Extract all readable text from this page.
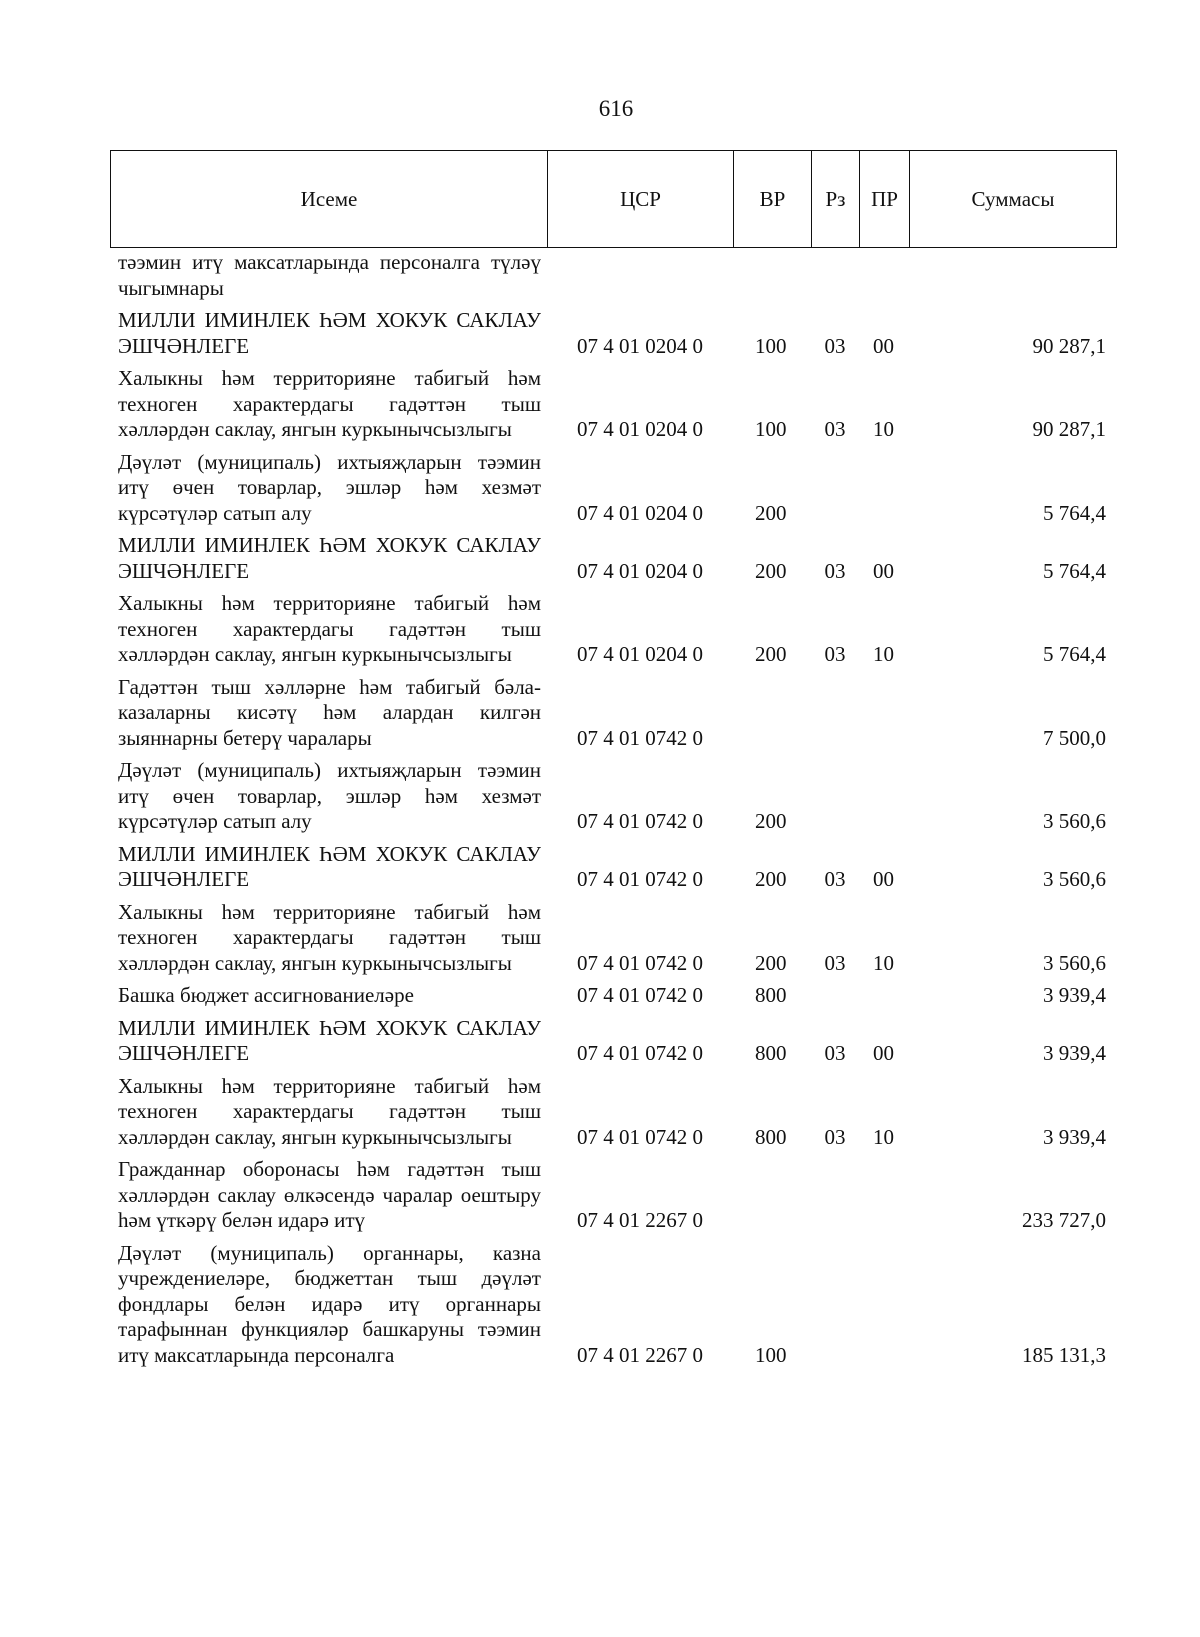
616
Исеме	ЦСР	ВР	Рз	ПР	Суммасы
тәэмин итү максатларында персоналга түләү чыгымнары					
МИЛЛИ ИМИНЛЕК ҺӘМ ХОКУК САКЛАУ ЭШЧӘНЛЕГЕ	07 4 01 0204 0	100	03	00	90 287,1
Халыкны һәм территорияне табигый һәм техноген характердагы гадәттән тыш хәлләрдән саклау, янгын куркынычсызлыгы	07 4 01 0204 0	100	03	10	90 287,1
Дәүләт (муниципаль) ихтыяҗларын тәэмин итү өчен товарлар, эшләр һәм хезмәт күрсәтүләр сатып алу	07 4 01 0204 0	200			5 764,4
МИЛЛИ ИМИНЛЕК ҺӘМ ХОКУК САКЛАУ ЭШЧӘНЛЕГЕ	07 4 01 0204 0	200	03	00	5 764,4
Халыкны һәм территорияне табигый һәм техноген характердагы гадәттән тыш хәлләрдән саклау, янгын куркынычсызлыгы	07 4 01 0204 0	200	03	10	5 764,4
Гадәттән тыш хәлләрне һәм табигый бәла-казаларны кисәтү һәм алардан килгән зыяннарны бетерү чаралары	07 4 01 0742 0				7 500,0
Дәүләт (муниципаль) ихтыяҗларын тәэмин итү өчен товарлар, эшләр һәм хезмәт күрсәтүләр сатып алу	07 4 01 0742 0	200			3 560,6
МИЛЛИ ИМИНЛЕК ҺӘМ ХОКУК САКЛАУ ЭШЧӘНЛЕГЕ	07 4 01 0742 0	200	03	00	3 560,6
Халыкны һәм территорияне табигый һәм техноген характердагы гадәттән тыш хәлләрдән саклау, янгын куркынычсызлыгы	07 4 01 0742 0	200	03	10	3 560,6
Башка бюджет ассигнованиеләре	07 4 01 0742 0	800			3 939,4
МИЛЛИ ИМИНЛЕК ҺӘМ ХОКУК САКЛАУ ЭШЧӘНЛЕГЕ	07 4 01 0742 0	800	03	00	3 939,4
Халыкны һәм территорияне табигый һәм техноген характердагы гадәттән тыш хәлләрдән саклау, янгын куркынычсызлыгы	07 4 01 0742 0	800	03	10	3 939,4
Гражданнар оборонасы һәм гадәттән тыш хәлләрдән саклау өлкәсендә чаралар оештыру һәм үткәрү белән идарә итү	07 4 01 2267 0				233 727,0
Дәүләт (муниципаль) органнары, казна учреждениеләре, бюджеттан тыш дәүләт фондлары белән идарә итү органнары тарафыннан функцияләр башкаруны тәэмин итү максатларында персоналга	07 4 01 2267 0	100			185 131,3
